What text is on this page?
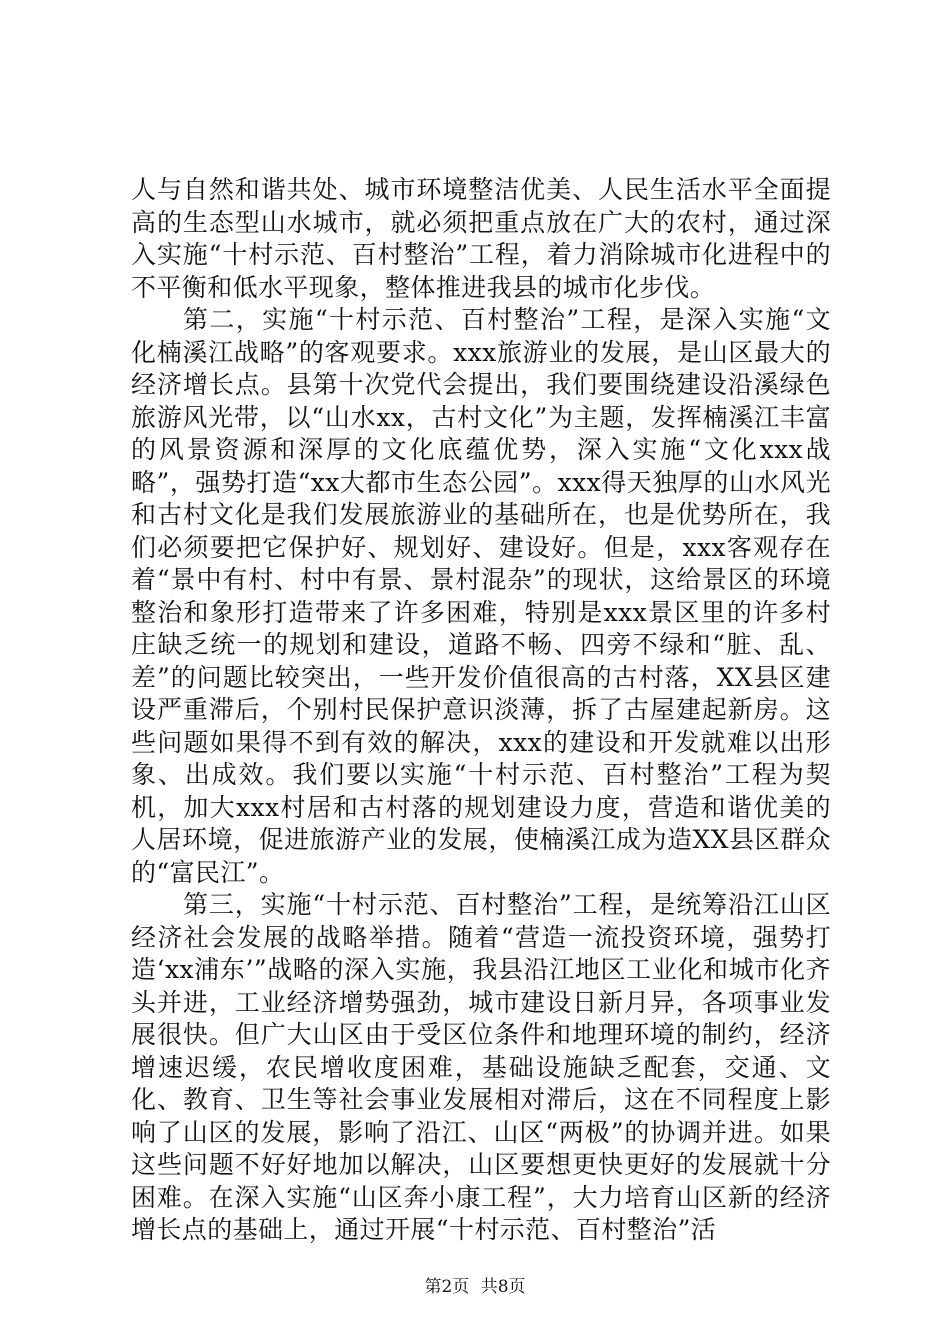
人与自然和谐共处、城市环境整洁优美、人民生活水平全面提高的生态型山水城市，就必须把重点放在广大的农村，通过深入实施“十村示范、百村整治”工程，着力消除城市化进程中的不平衡和低水平现象，整体推进我县的城市化步伐。

第二，实施“十村示范、百村整治”工程，是深入实施“文化楠溪江战略”的客观要求。xxx旅游业的发展，是山区最大的经济增长点。县第十次党代会提出，我们要围绕建设沿溪绿色旅游风光带，以“山水xx，古村文化”为主题，发挥楠溪江丰富的风景资源和深厚的文化底蕴优势，深入实施“文化xxx战略”，强势打造“xx大都市生态公园”。xxx得天独厚的山水风光和古村文化是我们发展旅游业的基础所在，也是优势所在，我们必须要把它保护好、规划好、建设好。但是，xxx客观存在着“景中有村、村中有景、景村混杂”的现状，这给景区的环境整治和象形打造带来了许多困难，特别是xxx景区里的许多村庄缺乏统一的规划和建设，道路不畅、四旁不绿和“脏、乱、差”的问题比较突出，一些开发价值很高的古村落，XX县区建设严重滞后，个别村民保护意识淡薄，拆了古屋建起新房。这些问题如果得不到有效的解决，xxx的建设和开发就难以出形象、出成效。我们要以实施“十村示范、百村整治”工程为契机，加大xxx村居和古村落的规划建设力度，营造和谐优美的人居环境，促进旅游产业的发展，使楠溪江成为造XX县区群众的“富民江”。

第三，实施“十村示范、百村整治”工程，是统筹沿江山区经济社会发展的战略举措。随着“营造一流投资环境，强势打造‘xx浦东’”战略的深入实施，我县沿江地区工业化和城市化齐头并进，工业经济增势强劲，城市建设日新月异，各项事业发展很快。但广大山区由于受区位条件和地理环境的制约，经济增速迟缓，农民增收度困难，基础设施缺乏配套，交通、文化、教育、卫生等社会事业发展相对滞后，这在不同程度上影响了山区的发展，影响了沿江、山区“两极”的协调并进。如果这些问题不好好地加以解决，山区要想更快更好的发展就十分困难。在深入实施“山区奔小康工程”，大力培育山区新的经济增长点的基础上，通过开展“十村示范、百村整治”活

第2页 共8页
